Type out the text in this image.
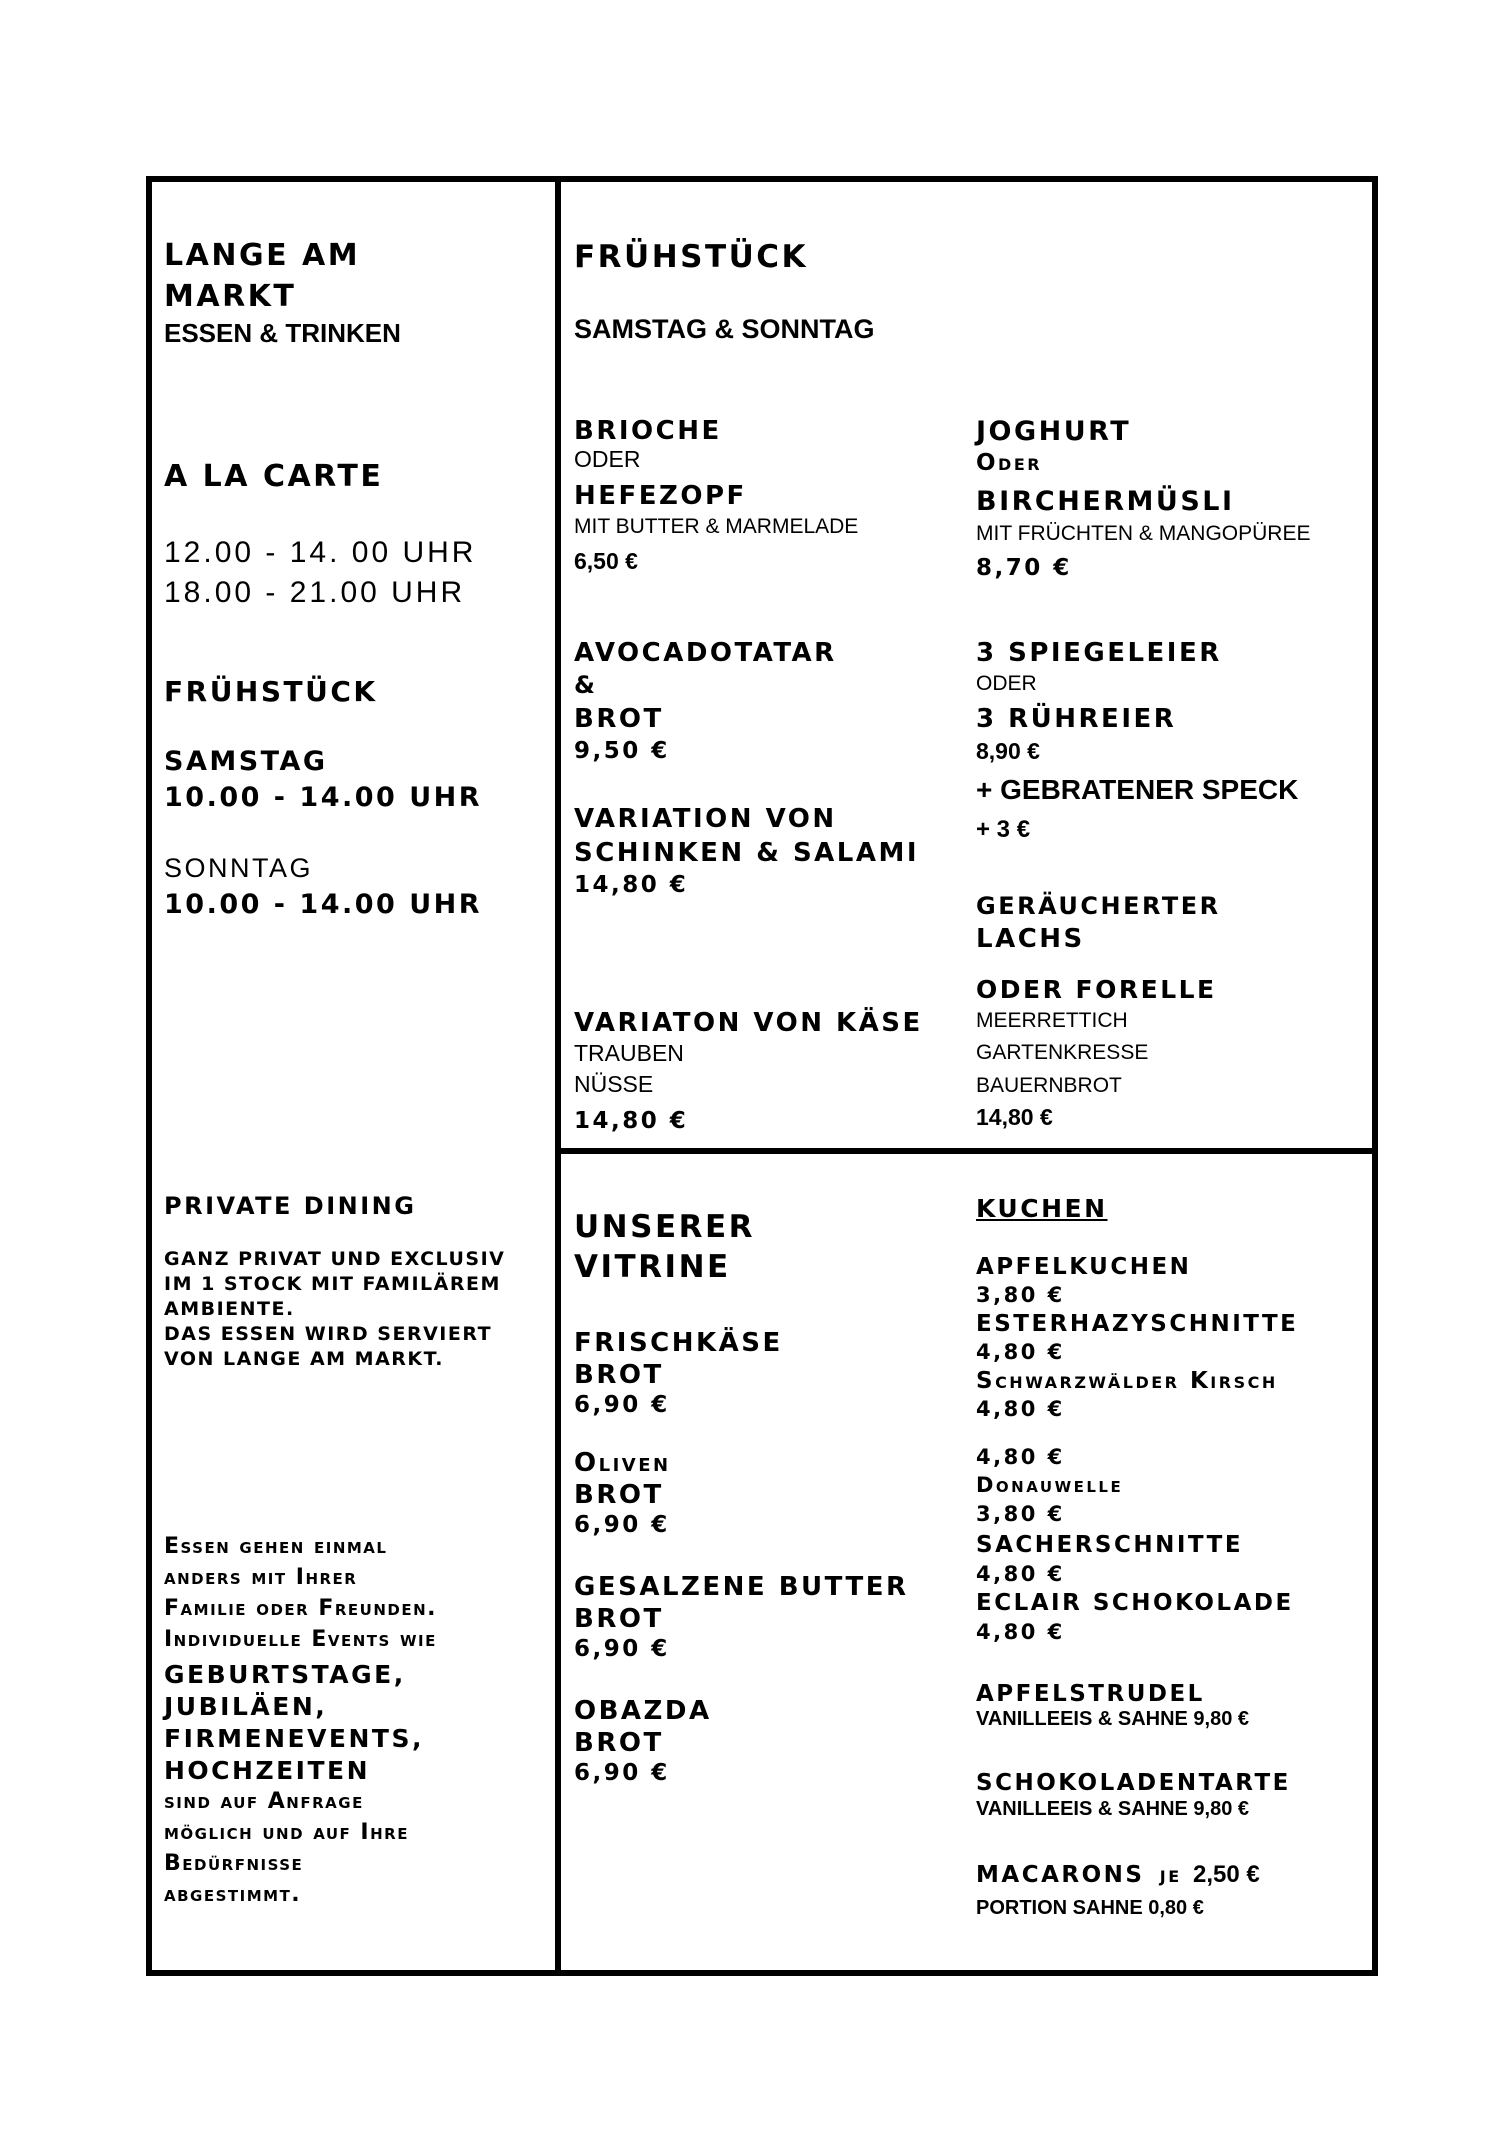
LANGE AM
MARKT
ESSEN & TRINKEN
A LA CARTE
12.00 - 14. 00 UHR
18.00 - 21.00 UHR
FRÜHSTÜCK
SAMSTAG
10.00 - 14.00 UHR
SONNTAG
10.00 - 14.00 UHR
PRIVATE DINING
GANZ PRIVAT UND EXCLUSIV
IM 1 STOCK MIT FAMILÄREM
AMBIENTE.
DAS ESSEN WIRD SERVIERT
VON LANGE AM MARKT.
Essen gehen einmal
anders mit Ihrer
Familie oder Freunden.
Individuelle Events wie
GEBURTSTAGE,
JUBILÄEN,
FIRMENEVENTS,
HOCHZEITEN
sind auf Anfrage
möglich und auf Ihre
Bedürfnisse
abgestimmt.
FRÜHSTÜCK
SAMSTAG & SONNTAG
BRIOCHE
ODER
HEFEZOPF
MIT BUTTER & MARMELADE
6,50 €
AVOCADOTATAR
&
BROT
9,50 €
VARIATION VON
SCHINKEN & SALAMI
14,80 €
VARIATON VON KÄSE
TRAUBEN
NÜSSE
14,80 €
JOGHURT
Oder
BIRCHERMÜSLI
MIT FRÜCHTEN & MANGOPÜREE
8,70 €
3 SPIEGELEIER
ODER
3 RÜHREIER
8,90 €
+ GEBRATENER SPECK
+ 3 €
GERÄUCHERTER
LACHS
ODER FORELLE
MEERRETTICH
GARTENKRESSE
BAUERNBROT
14,80 €
UNSERER
VITRINE
FRISCHKÄSE
BROT
6,90 €
Oliven
BROT
6,90 €
GESALZENE BUTTER
BROT
6,90 €
OBAZDA
BROT
6,90 €
KUCHEN
APFELKUCHEN
3,80 €
ESTERHAZYSCHNITTE
4,80 €
Schwarzwälder Kirsch
4,80 €
4,80 €
Donauwelle
3,80 €
SACHERSCHNITTE
4,80 €
ECLAIR SCHOKOLADE
4,80 €
APFELSTRUDEL
VANILLEEIS & SAHNE 9,80 €
SCHOKOLADENTARTE
VANILLEEIS & SAHNE 9,80 €
MACARONS je 2,50 €
PORTION SAHNE 0,80 €
